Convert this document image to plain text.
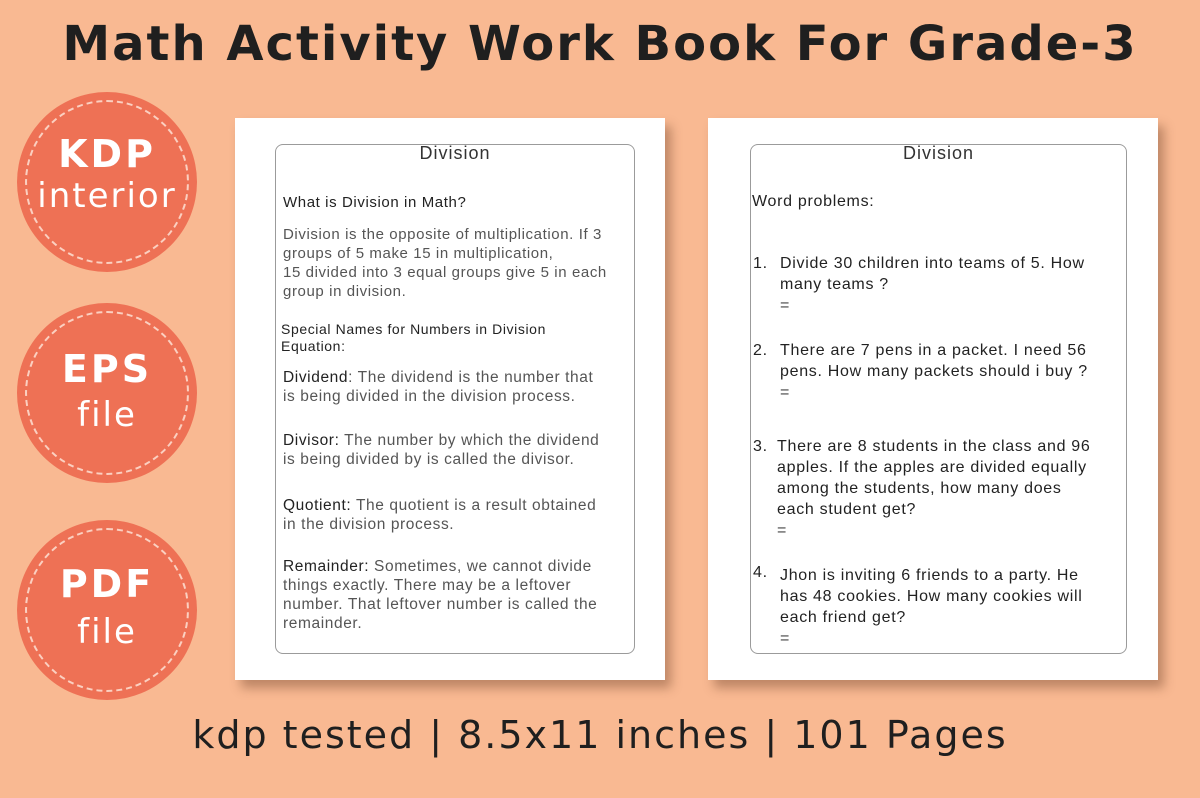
Math Activity Work Book For Grade-3
KDP
interior
EPS
file
PDF
file
Division
What is Division in Math?
Division is the opposite of multiplication. If 3
groups of 5 make 15 in multiplication,
15 divided into 3 equal groups give 5 in each
group in division.
Special Names for Numbers in Division
Equation:
Dividend: The dividend is the number that
is being divided in the division process.
Divisor: The number by which the dividend
is being divided by is called the divisor.
Quotient: The quotient is a result obtained
in the division process.
Remainder: Sometimes, we cannot divide
things exactly. There may be a leftover
number. That leftover number is called the
remainder.
Division
Word problems:
1. Divide 30 children into teams of 5. How
many teams ?
=
2. There are 7 pens in a packet. I need 56
pens. How many packets should i buy ?
=
3. There are 8 students in the class and 96
apples. If the apples are divided equally
among the students, how many does
each student get?
=
4. Jhon is inviting 6 friends to a party. He
has 48 cookies. How many cookies will
each friend get?
=
kdp tested | 8.5x11 inches | 101 Pages
